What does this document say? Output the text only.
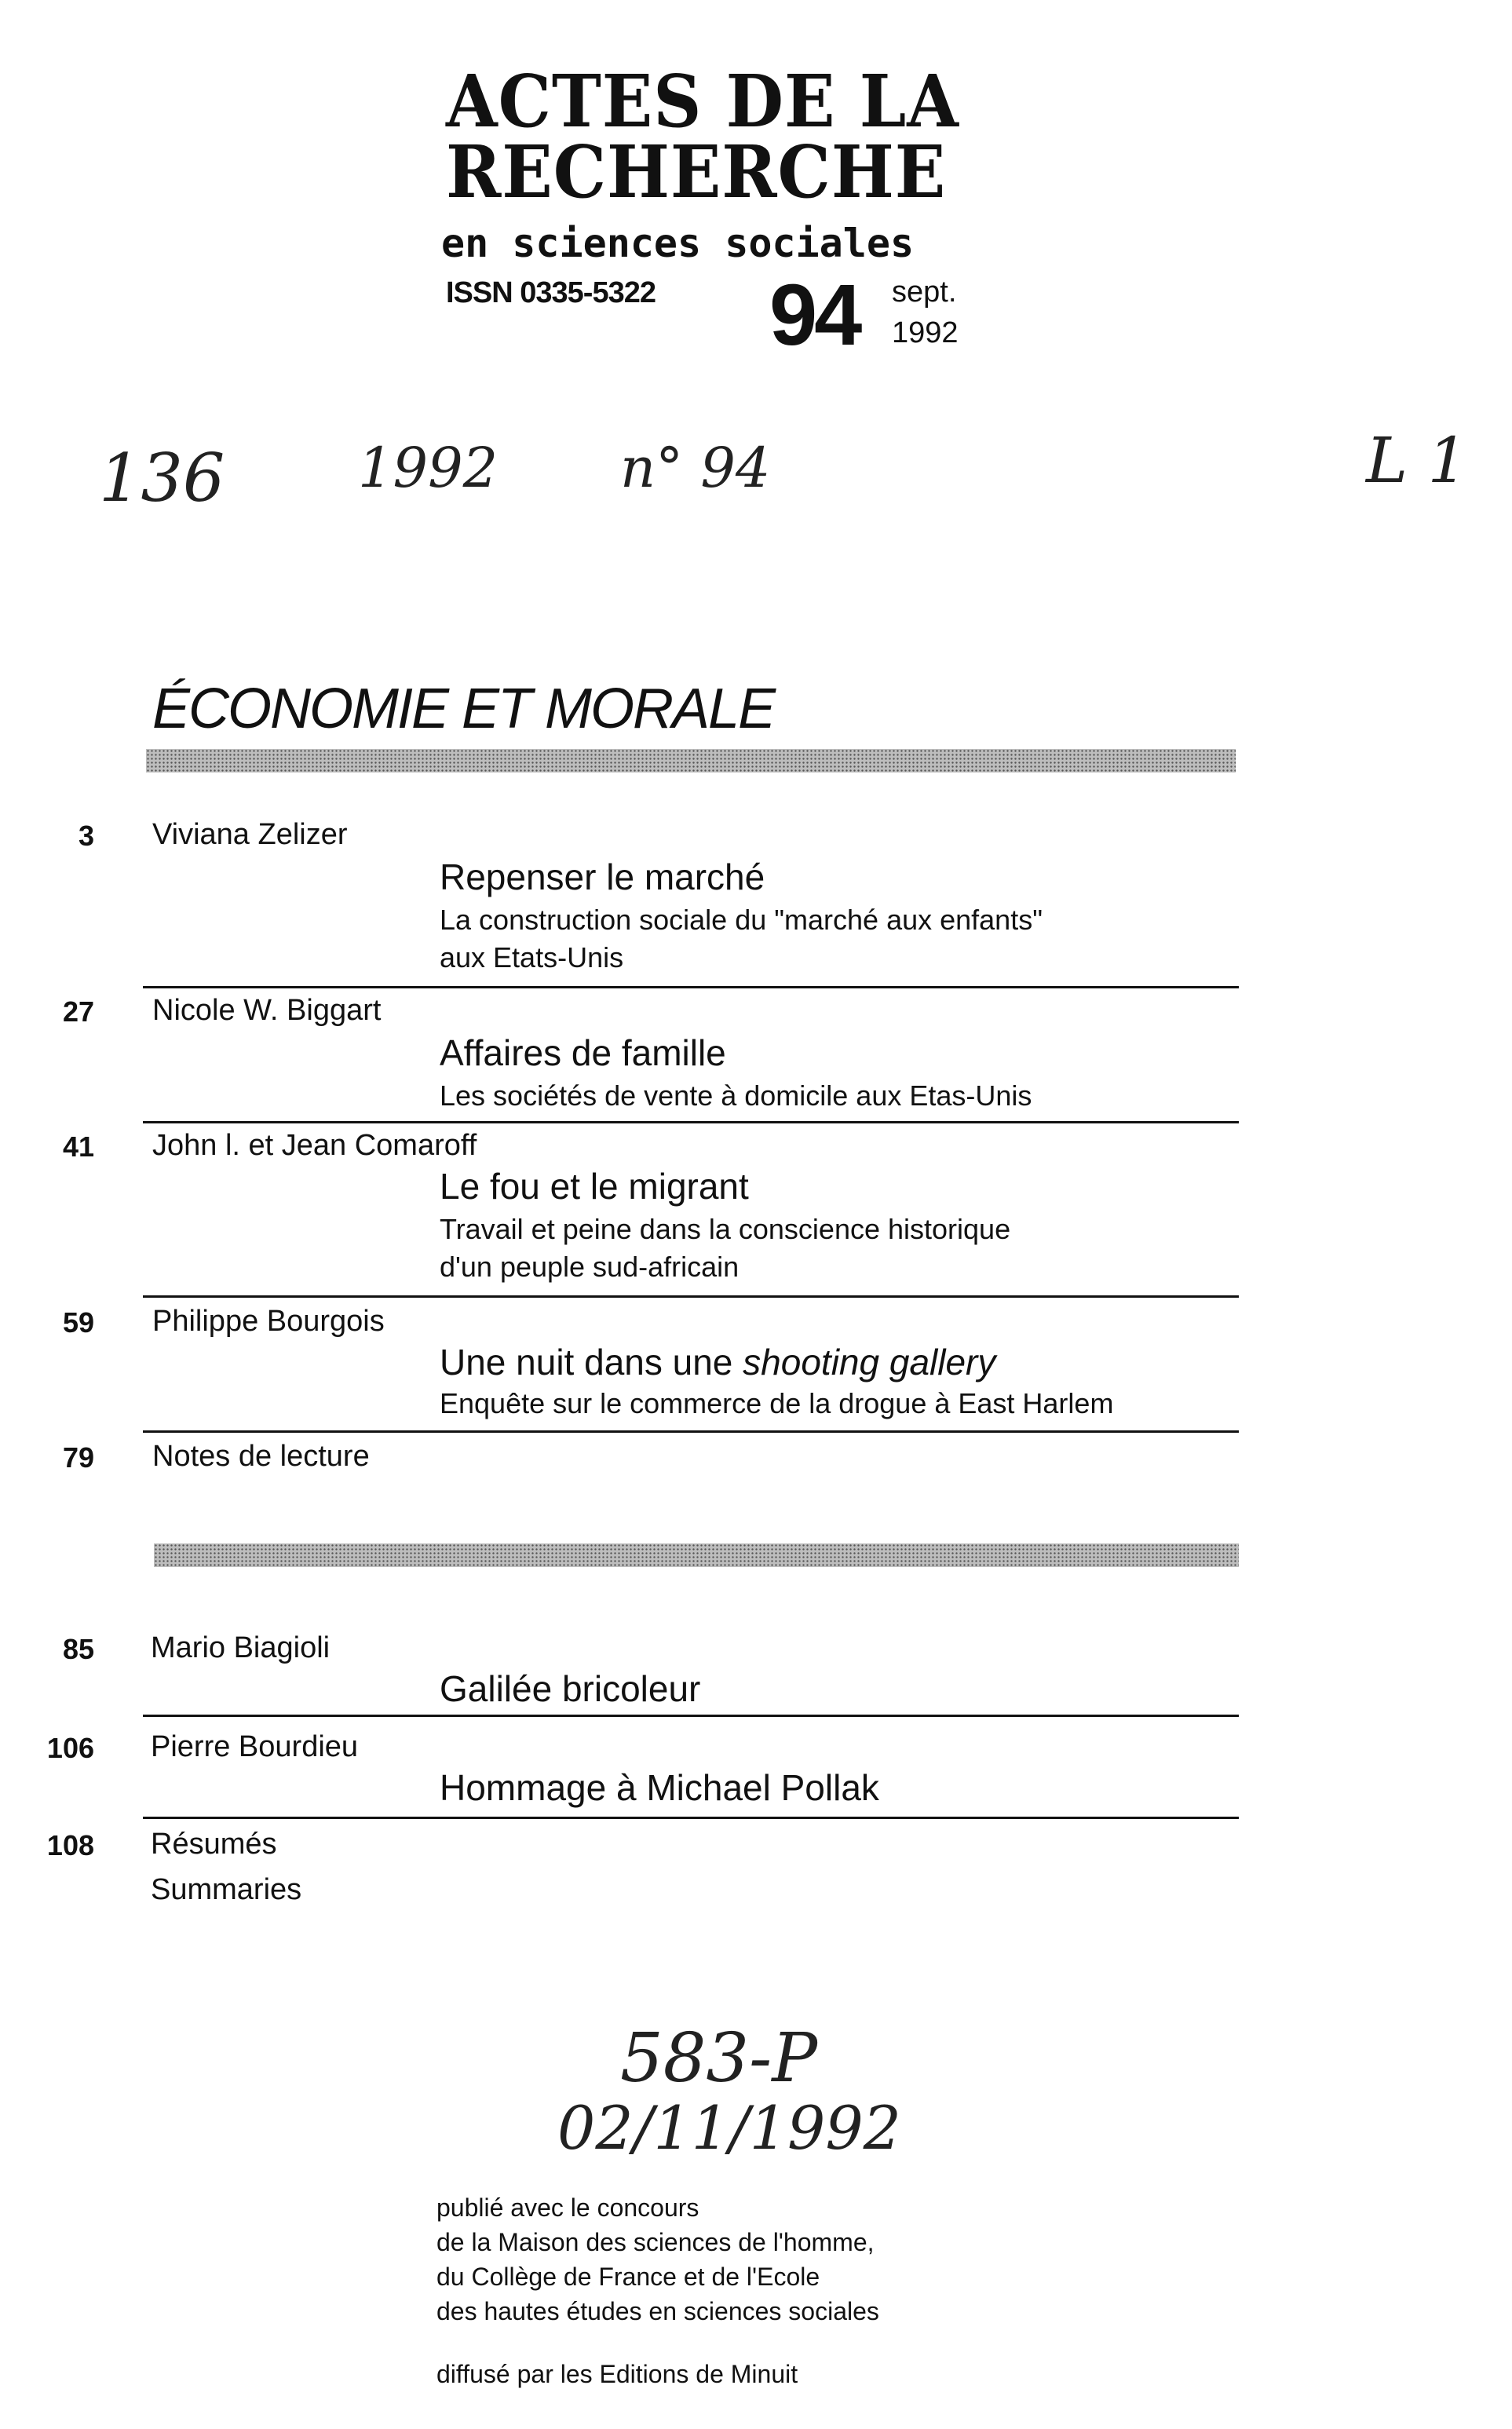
ACTES DE LA
RECHERCHE
en sciences sociales
ISSN 0335-5322 94 sept.
1992
136 1992 n° 94	L 1
ÉCONOMIE ET MORALE
3 Viviana Zelizer
Repenser le marché
La construction sociale du "marché aux enfants"
aux Etats-Unis
27 Nicole W. Biggart
Affaires de famille
Les sociétés de vente à domicile aux Etas-Unis
41 John l. et Jean Comaroff
Le fou et le migrant
Travail et peine dans la conscience historique
d'un peuple sud-africain
59 Philippe Bourgois
Une nuit dans une shooting gallery
Enquête sur le commerce de la drogue à East Harlem
79 Notes de lecture
85 Mario Biagioli
Galilée bricoleur
106 Pierre Bourdieu
Hommage à Michael Pollak
108 Résumés
Summaries
583-P
02/11/1992
publié avec le concours
de la Maison des sciences de l'homme,
du Collège de France et de l'Ecole
des hautes études en sciences sociales
diffusé par les Editions de Minuit
